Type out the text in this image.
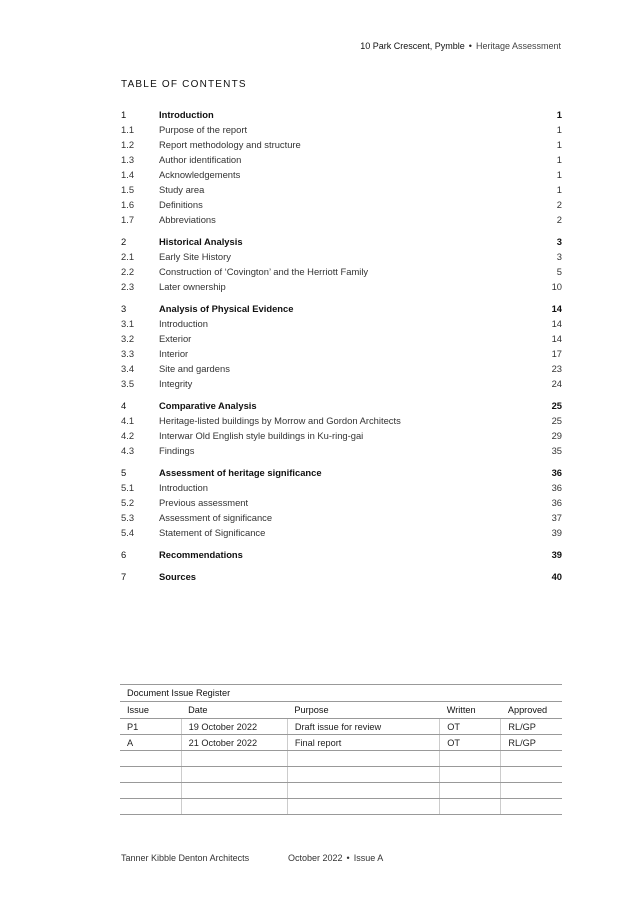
10 Park Crescent, Pymble • Heritage Assessment
TABLE OF CONTENTS
1	Introduction	1
1.1	Purpose of the report	1
1.2	Report methodology and structure	1
1.3	Author identification	1
1.4	Acknowledgements	1
1.5	Study area	1
1.6	Definitions	2
1.7	Abbreviations	2
2	Historical Analysis	3
2.1	Early Site History	3
2.2	Construction of ‘Covington’ and the Herriott Family	5
2.3	Later ownership	10
3	Analysis of Physical Evidence	14
3.1	Introduction	14
3.2	Exterior	14
3.3	Interior	17
3.4	Site and gardens	23
3.5	Integrity	24
4	Comparative Analysis	25
4.1	Heritage-listed buildings by Morrow and Gordon Architects	25
4.2	Interwar Old English style buildings in Ku-ring-gai	29
4.3	Findings	35
5	Assessment of heritage significance	36
5.1	Introduction	36
5.2	Previous assessment	36
5.3	Assessment of significance	37
5.4	Statement of Significance	39
6	Recommendations	39
7	Sources	40
Document Issue Register
Issue	Date	Purpose	Written	Approved
P1	19 October 2022	Draft issue for review	OT	RL/GP
A	21 October 2022	Final report	OT	RL/GP

Tanner Kibble Denton Architects	October 2022 • Issue A
